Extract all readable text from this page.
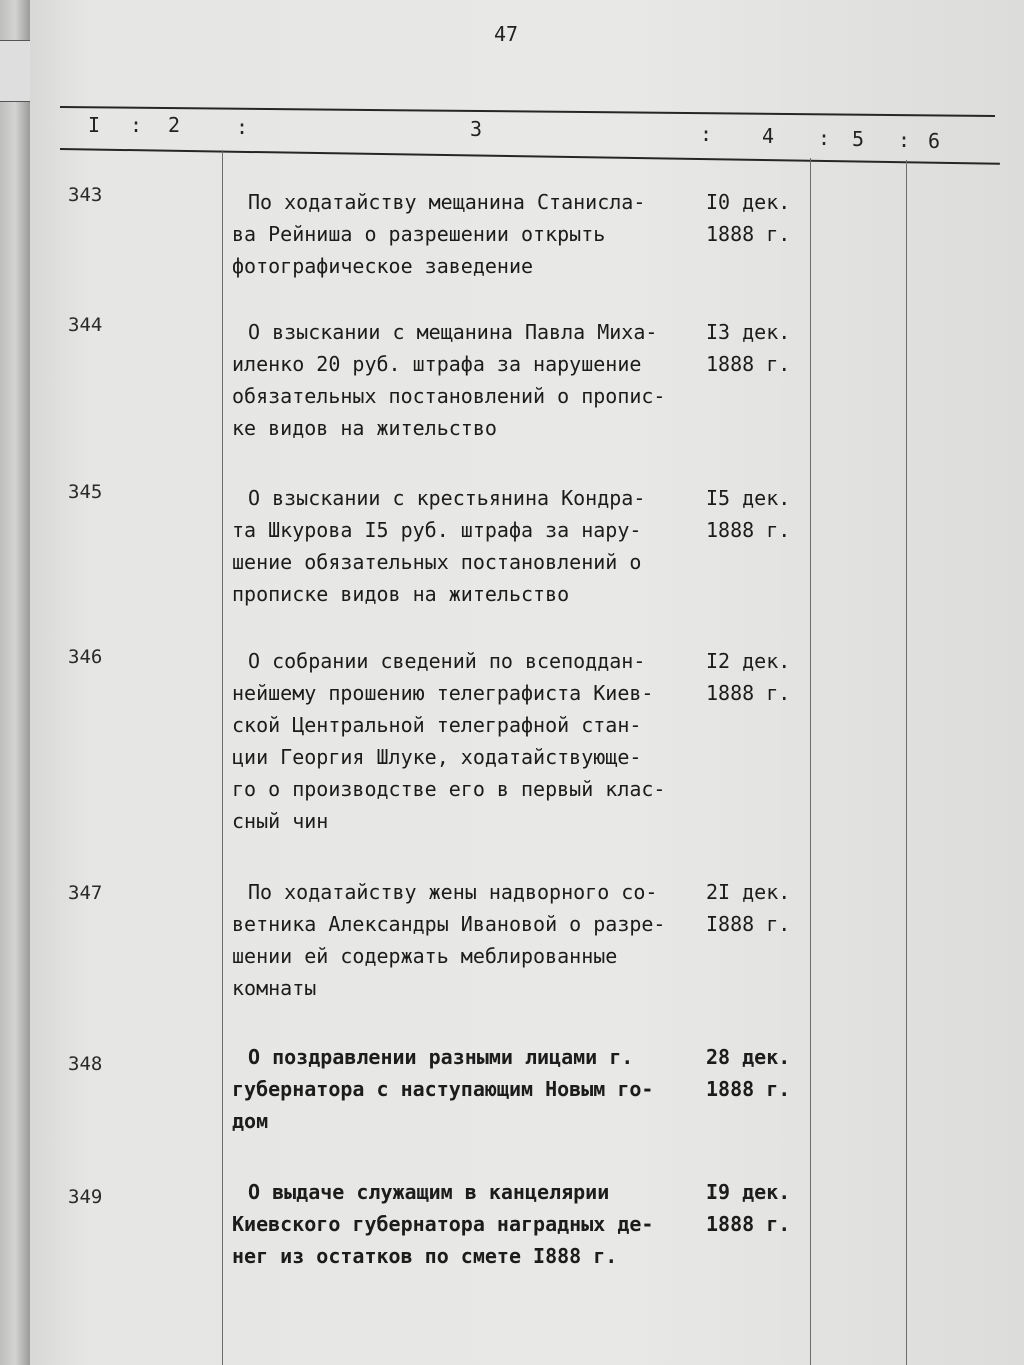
47
I : 2	:	3	: 4 : 5 : 6
343	По ходатайству мещанина Станисла-
ва Рейниша о разрешении открыть
фотографическое заведение
I0 дек.
1888 г.
344	О взыскании с мещанина Павла Миха-
иленко 20 руб. штрафа за нарушение
обязательных постановлений о пропис-
ке видов на жительство
I3 дек.
1888 г.
345	О взыскании с крестьянина Кондра-
та Шкурова I5 руб. штрафа за нару-
шение обязательных постановлений о
прописке видов на жительство
I5 дек.
1888 г.
346	О собрании сведений по всеподдан-
нейшему прошению телеграфиста Киев-
ской Центральной телеграфной стан-
ции Георгия Шлуке, ходатайствующе-
го о производстве его в первый клас-
сный чин
I2 дек.
1888 г.
347	По ходатайству жены надворного со-
ветника Александры Ивановой о разре-
шении ей содержать меблированные
комнаты
2I дек.
I888 г.
348	О поздравлении разными лицами г.
губернатора с наступающим Новым го-
дом
28 дек.
1888 г.
349	О выдаче служащим в канцелярии
Киевского губернатора наградных де-
нег из остатков по смете I888 г.
I9 дек.
1888 г.
